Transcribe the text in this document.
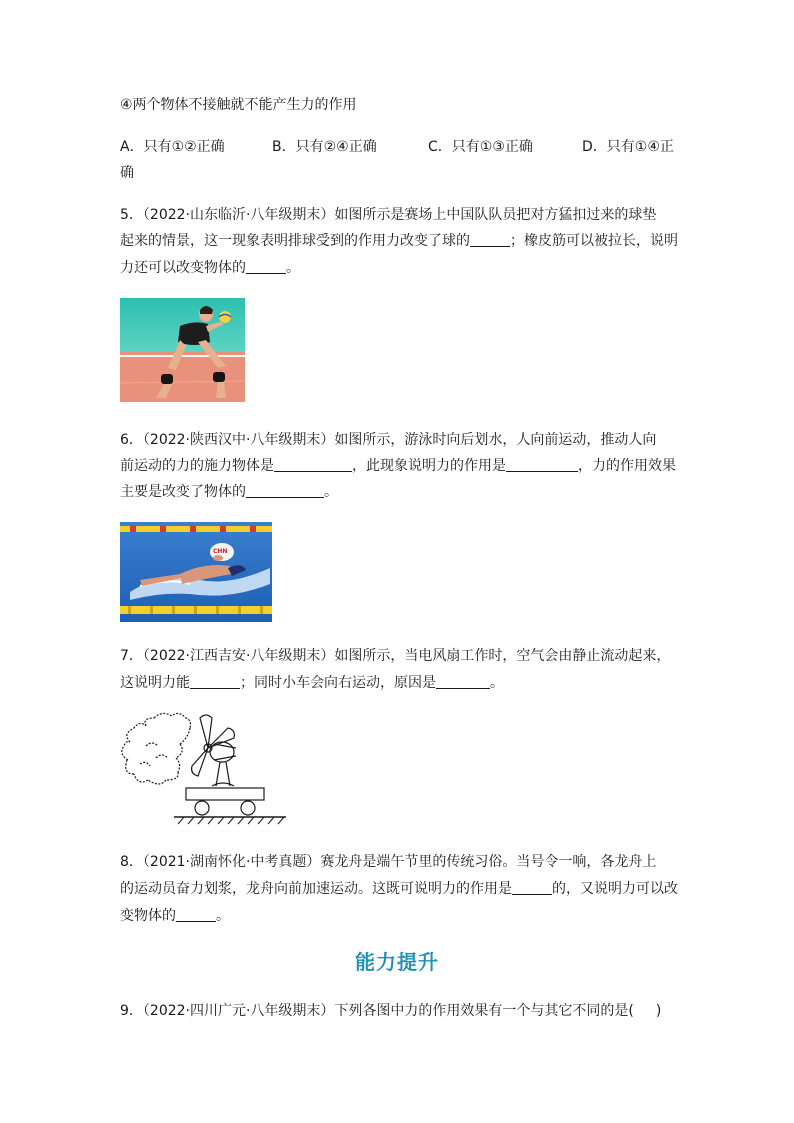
④两个物体不接触就不能产生力的作用
A．只有①②正确	B．只有②④正确	C．只有①③正确	D．只有①④正
确
5．（2022·山东临沂·八年级期末）如图所示是赛场上中国队队员把对方猛扣过来的球垫
起来的情景，这一现象表明排球受到的作用力改变了球的	；橡皮筋可以被拉长，说明
力还可以改变物体的	。
6．（2022·陕西汉中·八年级期末）如图所示，游泳时向后划水，人向前运动，推动人向
前运动的力的施力物体是	，此现象说明力的作用是	，力的作用效果
主要是改变了物体的	。
CHN
7．（2022·江西吉安·八年级期末）如图所示，当电风扇工作时，空气会由静止流动起来，
这说明力能	；同时小车会向右运动，原因是	。
8．（2021·湖南怀化·中考真题）赛龙舟是端午节里的传统习俗。当号令一响，各龙舟上
的运动员奋力划浆，龙舟向前加速运动。这既可说明力的作用是	的，又说明力可以改
变物体的	。
能力提升
9．（2022·四川广元·八年级期末）下列各图中力的作用效果有一个与其它不同的是( )
